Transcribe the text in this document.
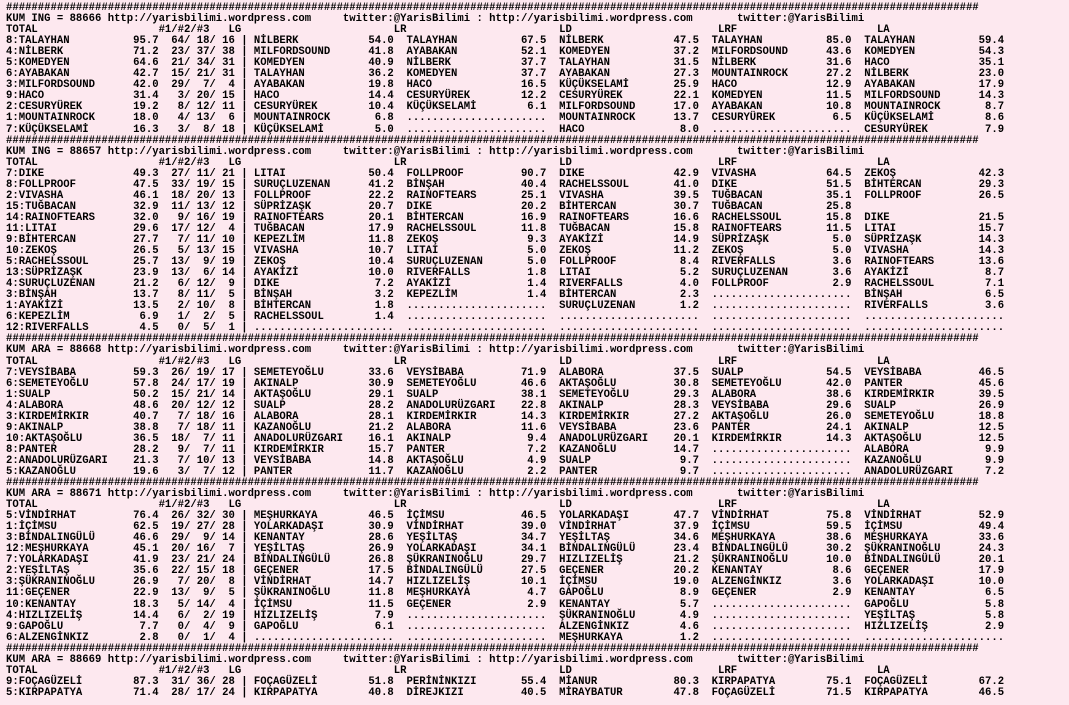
#########################################################################################################################################################
KUM ING = 88666 http://yarisbilimi.wordpress.com     twitter:@YarisBilimi : http://yarisbilimi.wordpress.com       twitter:@YarisBilimi
TOTAL                   #1/#2/#3   LG                        LR                        LD                       LRF                      LA
8:TALAYHAN          95.7  64/ 18/ 16 | NİLBERK           54.0  TALAYHAN          67.5  NİLBERK           47.5  TALAYHAN          85.0  TALAYHAN          59.4
4:NİLBERK           71.2  23/ 37/ 38 | MILFORDSOUND      41.8  AYABAKAN          52.1  KOMEDYEN          37.2  MILFORDSOUND      43.6  KOMEDYEN          54.3
5:KOMEDYEN          64.6  21/ 34/ 31 | KOMEDYEN          40.9  NİLBERK           37.7  TALAYHAN          31.5  NİLBERK           31.6  HACO              35.1
6:AYABAKAN          42.7  15/ 21/ 31 | TALAYHAN          36.2  KOMEDYEN          37.7  AYABAKAN          27.3  MOUNTAINROCK      27.2  NİLBERK           23.0
3:MILFORDSOUND      42.0  29/  7/  4 | AYABAKAN          19.8  HACO              16.5  KÜÇÜKSELAMİ       25.9  HACO              12.9  AYABAKAN          17.9
9:HACO              31.4   3/ 20/ 15 | HACO              14.4  CESURYÜREK        12.2  CESURYÜREK        22.1  KOMEDYEN          11.5  MILFORDSOUND      14.3
2:CESURYÜREK        19.2   8/ 12/ 11 | CESURYÜREK        10.4  KÜÇÜKSELAMİ        6.1  MILFORDSOUND      17.0  AYABAKAN          10.8  MOUNTAINROCK       8.7
1:MOUNTAINROCK      18.0   4/ 13/  6 | MOUNTAINROCK       6.8  ......................  MOUNTAINROCK      13.7  CESURYÜREK         6.5  KÜÇÜKSELAMİ        8.6
7:KÜÇÜKSELAMİ       16.3   3/  8/ 18 | KÜÇÜKSELAMİ        5.0  ......................  HACO               8.0  ......................  CESURYÜREK         7.9
#########################################################################################################################################################
KUM ING = 88657 http://yarisbilimi.wordpress.com     twitter:@YarisBilimi : http://yarisbilimi.wordpress.com       twitter:@YarisBilimi
TOTAL                   #1/#2/#3   LG                        LR                        LD                       LRF                      LA
7:DIKE              49.3  27/ 11/ 21 | LITAI             50.4  FOLLPROOF         90.7  DIKE              42.9  VIVASHA           64.5  ZEKOŞ             42.3
8:FOLLPROOF         47.5  33/ 19/ 15 | SURUÇLUZENAN      41.2  BİNŞAH            40.4  RACHELSSOUL       41.0  DIKE              51.5  BİHTERCAN         29.3
2:VIVASHA           46.1  18/ 20/ 13 | FOLLPROOF         22.2  RAINOFTEARS       25.1  VIVASHA           39.5  TUĞBACAN          35.1  FOLLPROOF         26.5
15:TUĞBACAN         32.9  11/ 13/ 12 | SÜPRİZAŞK         20.7  DIKE              20.2  BİHTERCAN         30.7  TUĞBACAN          25.8
14:RAINOFTEARS      32.0   9/ 16/ 19 | RAINOFTEARS       20.1  BİHTERCAN         16.9  RAINOFTEARS       16.6  RACHELSSOUL       15.8  DIKE              21.5
11:LITAI            29.6  17/ 12/  4 | TUĞBACAN          17.9  RACHELSSOUL       11.8  TUĞBACAN          15.8  RAINOFTEARS       11.5  LITAI             15.7
9:BİHTERCAN         27.7   7/ 11/ 10 | KEPEZLİM          11.8  ZEKOŞ              9.3  AYAKİZİ           14.9  SÜPRİZAŞK          5.0  SÜPRİZAŞK         14.3
10:ZEKOŞ            26.5   5/ 13/ 15 | VIVASHA           10.7  LITAI              5.0  ZEKOŞ             11.2  ZEKOŞ              5.0  VIVASHA           14.3
5:RACHELSSOUL       25.7  13/  9/ 19 | ZEKOŞ             10.4  SURUÇLUZENAN       5.0  FOLLPROOF          8.4  RIVERFALLS         3.6  RAINOFTEARS       13.6
13:SÜPRİZAŞK        23.9  13/  6/ 14 | AYAKİZİ           10.0  RIVERFALLS         1.8  LITAI              5.2  SURUÇLUZENAN       3.6  AYAKİZİ            8.7
4:SURUÇLUZENAN      21.2   6/ 12/  9 | DIKE               7.2  AYAKİZİ            1.4  RIVERFALLS         4.0  FOLLPROOF          2.9  RACHELSSOUL        7.1
3:BİNŞAH            13.7   8/ 11/  5 | BİNŞAH             3.2  KEPEZLİM           1.4  BİHTERCAN          2.3  ......................  BİNŞAH             6.5
1:AYAKİZİ           13.5   2/ 10/  8 | BİHTERCAN          1.8  ......................  SURUÇLUZENAN       1.2  ......................  RIVERFALLS         3.6
6:KEPEZLİM           6.9   1/  2/  5 | RACHELSSOUL        1.4  ......................  ......................  ......................  ......................
12:RIVERFALLS        4.5   0/  5/  1 | ......................  ......................  ......................  ......................  ......................
#########################################################################################################################################################
KUM ARA = 88668 http://yarisbilimi.wordpress.com     twitter:@YarisBilimi : http://yarisbilimi.wordpress.com       twitter:@YarisBilimi
TOTAL                   #1/#2/#3   LG                        LR                        LD                       LRF                      LA
7:VEYSİBABA         59.3  26/ 19/ 17 | SEMETEYOĞLU       33.6  VEYSİBABA         71.9  ALABORA           37.5  SUALP             54.5  VEYSİBABA         46.5
6:SEMETEYOĞLU       57.8  24/ 17/ 19 | AKINALP           30.9  SEMETEYOĞLU       46.6  AKTAŞOĞLU         30.8  SEMETEYOĞLU       42.0  PANTER            45.6
1:SUALP             50.2  15/ 21/ 14 | AKTAŞOĞLU         29.1  SUALP             38.1  SEMETEYOĞLU       29.3  ALABORA           38.6  KIRDEMİRKIR       39.5
4:ALABORA           48.6  20/ 12/ 12 | SUALP             28.2  ANADOLURÜZGARI    22.8  AKINALP           28.3  VEYSİBABA         29.6  SUALP             26.9
3:KIRDEMİRKIR       40.7   7/ 18/ 16 | ALABORA           28.1  KIRDEMİRKIR       14.3  KIRDEMİRKIR       27.2  AKTAŞOĞLU         26.0  SEMETEYOĞLU       18.8
9:AKINALP           38.8   7/ 18/ 11 | KAZANOĞLU         21.2  ALABORA           11.6  VEYSİBABA         23.6  PANTER            24.1  AKINALP           12.5
10:AKTAŞOĞLU        36.5  18/  7/ 11 | ANADOLURÜZGARI    16.1  AKINALP            9.4  ANADOLURÜZGARI    20.1  KIRDEMİRKIR       14.3  AKTAŞOĞLU         12.5
8:PANTER            28.2   9/  7/ 11 | KIRDEMİRKIR       15.7  PANTER             7.2  KAZANOĞLU         14.7  ......................  ALABORA            9.9
2:ANADOLURÜZGARI    21.3   7/ 10/ 13 | VEYSİBABA         14.8  AKTAŞOĞLU          4.9  SUALP              9.7  ......................  KAZANOĞLU          9.9
5:KAZANOĞLU         19.6   3/  7/ 12 | PANTER            11.7  KAZANOĞLU          2.2  PANTER             9.7  ......................  ANADOLURÜZGARI     7.2
#########################################################################################################################################################
KUM ARA = 88671 http://yarisbilimi.wordpress.com     twitter:@YarisBilimi : http://yarisbilimi.wordpress.com       twitter:@YarisBilimi
TOTAL                   #1/#2/#3   LG                        LR                        LD                       LRF                      LA
5:VİNDİRHAT         76.4  26/ 32/ 30 | MEŞHURKAYA        46.5  İÇİMSU            46.5  YOLARKADAŞI       47.7  VİNDİRHAT         75.8  VİNDİRHAT         52.9
1:İÇİMSU            62.5  19/ 27/ 28 | YOLARKADAŞI       30.9  VİNDİRHAT         39.0  VİNDİRHAT         37.9  İÇİMSU            59.5  İÇİMSU            49.4
3:BİNDALINGÜLÜ      46.6  29/  9/ 14 | KENANTAY          28.6  YEŞİLTAŞ          34.7  YEŞİLTAŞ          34.6  MEŞHURKAYA        38.6  MEŞHURKAYA        33.6
12:MEŞHURKAYA       45.1  20/ 16/  7 | YEŞİLTAŞ          26.9  YOLARKADAŞI       34.1  BİNDALINGÜLÜ      23.4  BİNDALINGÜLÜ      30.2  ŞÜKRANINOĞLU      24.3
7:YOLARKADAŞI       41.9  23/ 21/ 24 | BİNDALINGÜLÜ      26.8  ŞÜKRANINOĞLU      29.7  HIZLIZELİŞ        21.2  ŞÜKRANINOĞLU      10.0  BİNDALINGÜLÜ      20.1
2:YEŞİLTAŞ          35.6  22/ 15/ 18 | GEÇENER           17.5  BİNDALINGÜLÜ      27.5  GEÇENER           20.2  KENANTAY           8.6  GEÇENER           17.9
3:ŞÜKRANINOĞLU      26.9   7/ 20/  8 | VİNDİRHAT         14.7  HIZLIZELİŞ        10.1  İÇİMSU            19.0  ALZENGİNKIZ        3.6  YOLARKADAŞI       10.0
11:GEÇENER          22.9  13/  9/  5 | ŞÜKRANINOĞLU      11.8  MEŞHURKAYA         4.7  GAPOĞLU            8.9  GEÇENER            2.9  KENANTAY           6.5
10:KENANTAY         18.3   5/ 14/  4 | İÇİMSU            11.5  GEÇENER            2.9  KENANTAY           5.7  ......................  GAPOĞLU            5.8
4:HIZLIZELİŞ        14.4   6/  2/ 19 | HIZLIZELİŞ         7.9  ......................  ŞÜKRANINOĞLU       4.9  ......................  YEŞİLTAŞ           5.8
9:GAPOĞLU            7.7   0/  4/  9 | GAPOĞLU            6.1  ......................  ALZENGİNKIZ        4.6  ......................  HIZLIZELİŞ         2.9
6:ALZENGİNKIZ        2.8   0/  1/  4 | ......................  ......................  MEŞHURKAYA         1.2  ......................  ......................
#########################################################################################################################################################
KUM ARA = 88669 http://yarisbilimi.wordpress.com     twitter:@YarisBilimi : http://yarisbilimi.wordpress.com       twitter:@YarisBilimi
TOTAL                   #1/#2/#3   LG                        LR                        LD                       LRF                      LA
9:FOÇAGÜZELİ        87.3  31/ 36/ 28 | FOÇAGÜZELİ        51.8  PERİNİNKIZI       55.4  MİANUR            80.3  KIRPAPATYA        75.1  FOÇAGÜZELİ        67.2
5:KIRPAPATYA        71.4  28/ 17/ 24 | KIRPAPATYA        40.8  DİREJKIZI         40.5  MİRAYBATUR        47.8  FOÇAGÜZELİ        71.5  KIRPAPATYA        46.5
